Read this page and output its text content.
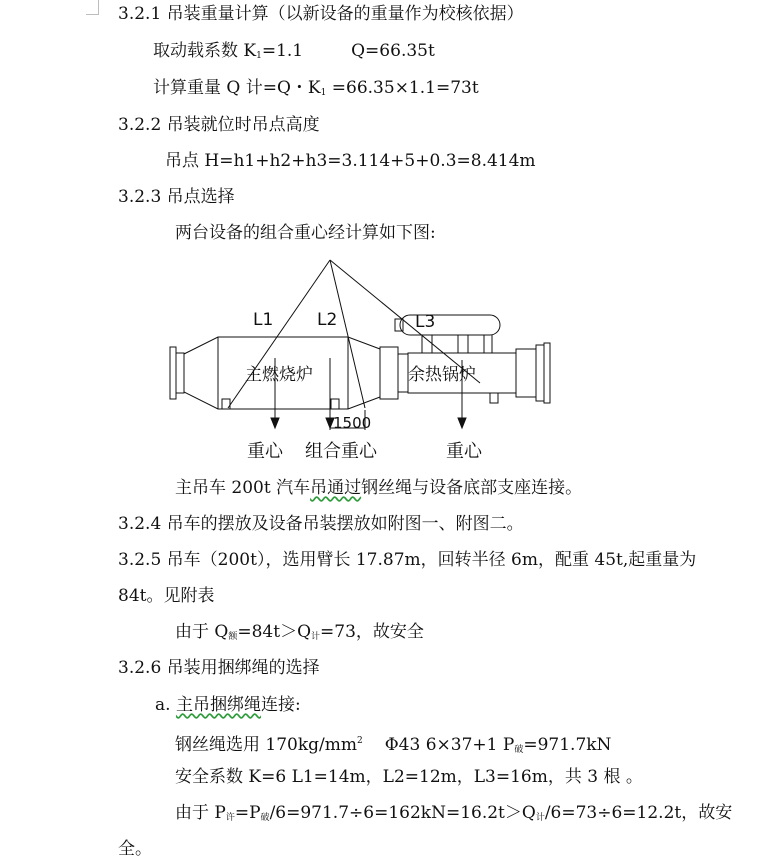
3.2.1 吊装重量计算（以新设备的重量作为校核依据）
取动载系数 $K_1=1.1$	Q=66.35t
计算重量 Q 计=Q・$K_1 =66.35\times 1.1=73t$
3.2.2 吊装就位时吊点高度
吊点 H=h1+h2+h3=3.114+5+0.3=8.414m
3.2.3 吊点选择
两台设备的组合重心经计算如下图:
L1	L2	L3
主燃烧炉	余热锅炉
1500
重心 组合重心	重心
主吊车 200t 汽车吊通过钢丝绳与设备底部支座连接。
3.2.4 吊车的摆放及设备吊装摆放如附图一、附图二。
3.2.5 吊车（200t），选用臂长 17.87m，回转半径 6m，配重 45t,起重量为
84t。见附表
由于 $Q_额=84t>Q_计=73$，故安全
3.2.6 吊装用捆绑绳的选择
a. 主吊捆绑绳连接:
钢丝绳选用 $170kg/mm^2$ Φ43 6×37+1 $P_破=971.7kN$
安全系数 K=6 L1=14m，L2=12m，L3=16m，共 3 根 。
由于 $P_许=P_破/6=971.7\div 6=162kN=16.2t>Q_计/6=73\div 6=12.2t$，故安
全。
